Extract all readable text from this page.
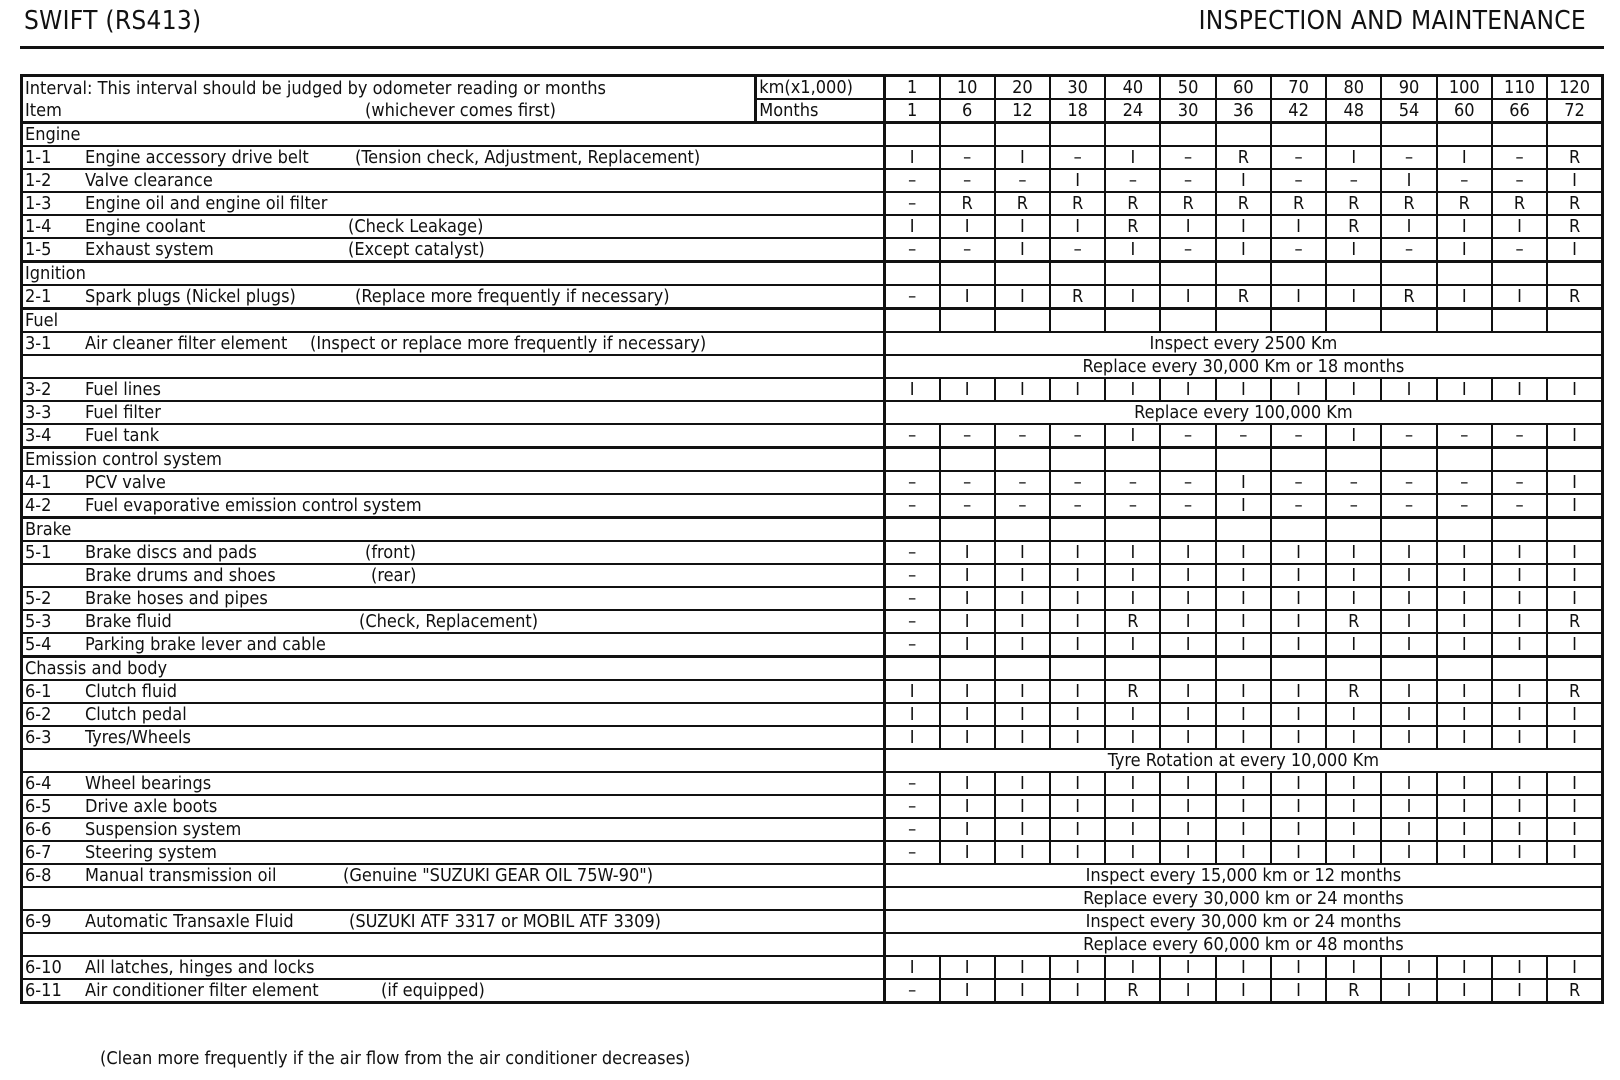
SWIFT (RS413)	INSPECTION AND MAINTENANCE
Interval: This interval should be judged by odometer reading or months	km(x1,000)	1	10	20	30	40	50	60	70	80	90	100	110	120

Item (whichever comes first)	Months	1	6	12	18	24	30	36	42	48	54	60	66	72
Engine														

1-1 Engine accessory drive belt (Tension check, Adjustment, Replacement)		I	–	I	–	I	–	R	–	I	–	I	–	R

1-2 Valve clearance		–	–	–	I	–	–	I	–	–	I	–	–	I

1-3 Engine oil and engine oil filter		–	R	R	R	R	R	R	R	R	R	R	R	R

1-4 Engine coolant (Check Leakage)		I	I	I	I	R	I	I	I	R	I	I	I	R

1-5 Exhaust system (Except catalyst)		–	–	I	–	I	–	I	–	I	–	I	–	I
Ignition														

2-1 Spark plugs (Nickel plugs) (Replace more frequently if necessary)		–	I	I	R	I	I	R	I	I	R	I	I	R
Fuel														

3-1 Air cleaner filter element (Inspect or replace more frequently if necessary)		Inspect every 2500 Km												

		Replace every 30,000 Km or 18 months												

3-2 Fuel lines		I	I	I	I	I	I	I	I	I	I	I	I	I

3-3 Fuel filter		Replace every 100,000 Km												

3-4 Fuel tank		–	–	–	–	I	–	–	–	I	–	–	–	I
Emission control system														

4-1 PCV valve		–	–	–	–	–	–	I	–	–	–	–	–	I

4-2 Fuel evaporative emission control system		–	–	–	–	–	–	I	–	–	–	–	–	I
Brake														

5-1 Brake discs and pads (front)		–	I	I	I	I	I	I	I	I	I	I	I	I

Brake drums and shoes (rear)		–	I	I	I	I	I	I	I	I	I	I	I	I

5-2 Brake hoses and pipes		–	I	I	I	I	I	I	I	I	I	I	I	I

5-3 Brake fluid (Check, Replacement)		–	I	I	I	R	I	I	I	R	I	I	I	R

5-4 Parking brake lever and cable		–	I	I	I	I	I	I	I	I	I	I	I	I
Chassis and body														

6-1 Clutch fluid		I	I	I	I	R	I	I	I	R	I	I	I	R

6-2 Clutch pedal		I	I	I	I	I	I	I	I	I	I	I	I	I

6-3 Tyres/Wheels		I	I	I	I	I	I	I	I	I	I	I	I	I

		Tyre Rotation at every 10,000 Km												

6-4 Wheel bearings		–	I	I	I	I	I	I	I	I	I	I	I	I

6-5 Drive axle boots		–	I	I	I	I	I	I	I	I	I	I	I	I

6-6 Suspension system		–	I	I	I	I	I	I	I	I	I	I	I	I

6-7 Steering system		–	I	I	I	I	I	I	I	I	I	I	I	I

6-8 Manual transmission oil (Genuine "SUZUKI GEAR OIL 75W-90")		Inspect every 15,000 km or 12 months												

		Replace every 30,000 km or 24 months												

6-9 Automatic Transaxle Fluid (SUZUKI ATF 3317 or MOBIL ATF 3309)		Inspect every 30,000 km or 24 months												

		Replace every 60,000 km or 48 months												

6-10 All latches, hinges and locks		I	I	I	I	I	I	I	I	I	I	I	I	I

6-11 Air conditioner filter element (if equipped)		–	I	I	I	R	I	I	I	R	I	I	I	R
(Clean more frequently if the air flow from the air conditioner decreases)
